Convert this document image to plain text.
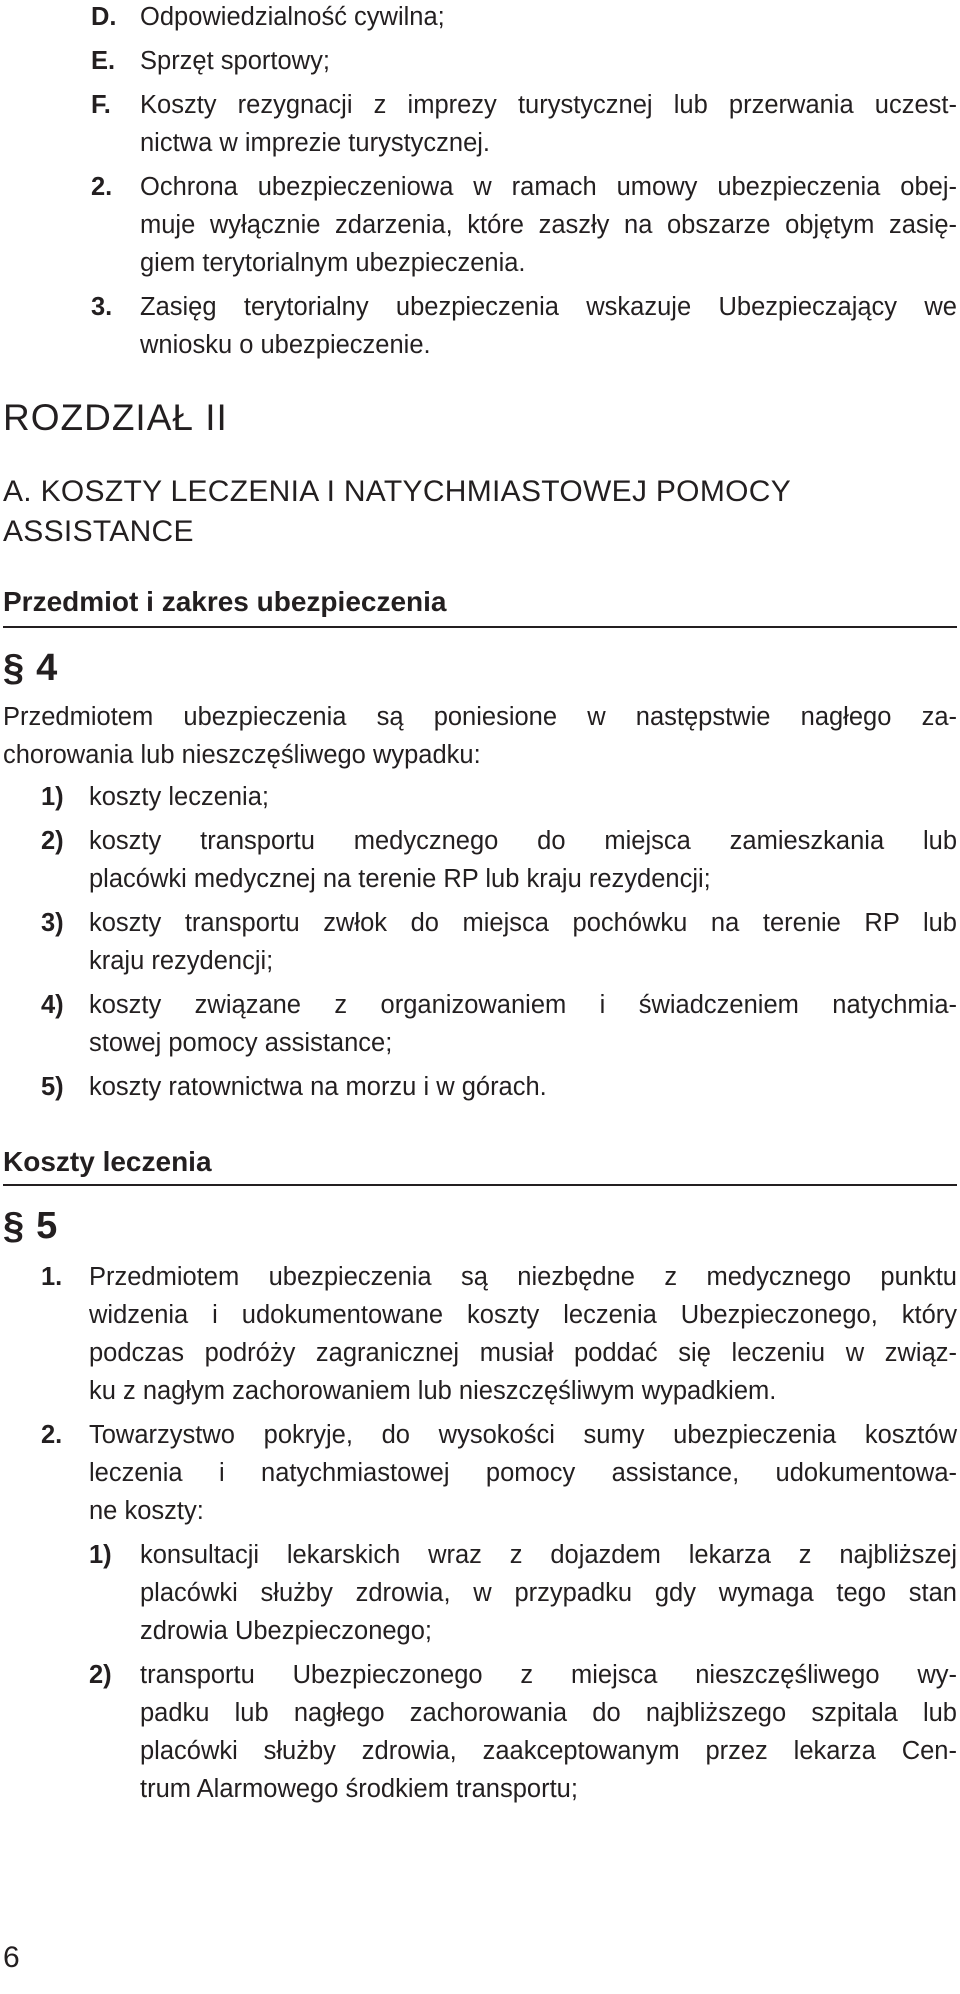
D. Odpowiedzialność cywilna;
E. Sprzęt sportowy;
F. Koszty rezygnacji z imprezy turystycznej lub przerwania uczest-
nictwa w imprezie turystycznej.
2. Ochrona ubezpieczeniowa w ramach umowy ubezpieczenia obej-
muje wyłącznie zdarzenia, które zaszły na obszarze objętym zasię-
giem terytorialnym ubezpieczenia.
3. Zasięg terytorialny ubezpieczenia wskazuje Ubezpieczający we
wniosku o ubezpieczenie.
ROZDZIAŁ II
A. KOSZTY LECZENIA I NATYCHMIASTOWEJ POMOCY
ASSISTANCE
Przedmiot i zakres ubezpieczenia
§ 4
Przedmiotem ubezpieczenia są poniesione w następstwie nagłego za-
chorowania lub nieszczęśliwego wypadku:
1) koszty leczenia;
2) koszty transportu medycznego do miejsca zamieszkania lub
placówki medycznej na terenie RP lub kraju rezydencji;
3) koszty transportu zwłok do miejsca pochówku na terenie RP lub
kraju rezydencji;
4) koszty związane z organizowaniem i świadczeniem natychmia-
stowej pomocy assistance;
5) koszty ratownictwa na morzu i w górach.
Koszty leczenia
§ 5
1. Przedmiotem ubezpieczenia są niezbędne z medycznego punktu
widzenia i udokumentowane koszty leczenia Ubezpieczonego, który
podczas podróży zagranicznej musiał poddać się leczeniu w związ-
ku z nagłym zachorowaniem lub nieszczęśliwym wypadkiem.
2. Towarzystwo pokryje, do wysokości sumy ubezpieczenia kosztów
leczenia i natychmiastowej pomocy assistance, udokumentowa-
ne koszty:
1) konsultacji lekarskich wraz z dojazdem lekarza z najbliższej
placówki służby zdrowia, w przypadku gdy wymaga tego stan
zdrowia Ubezpieczonego;
2) transportu Ubezpieczonego z miejsca nieszczęśliwego wy-
padku lub nagłego zachorowania do najbliższego szpitala lub
placówki służby zdrowia, zaakceptowanym przez lekarza Cen-
trum Alarmowego środkiem transportu;
6
